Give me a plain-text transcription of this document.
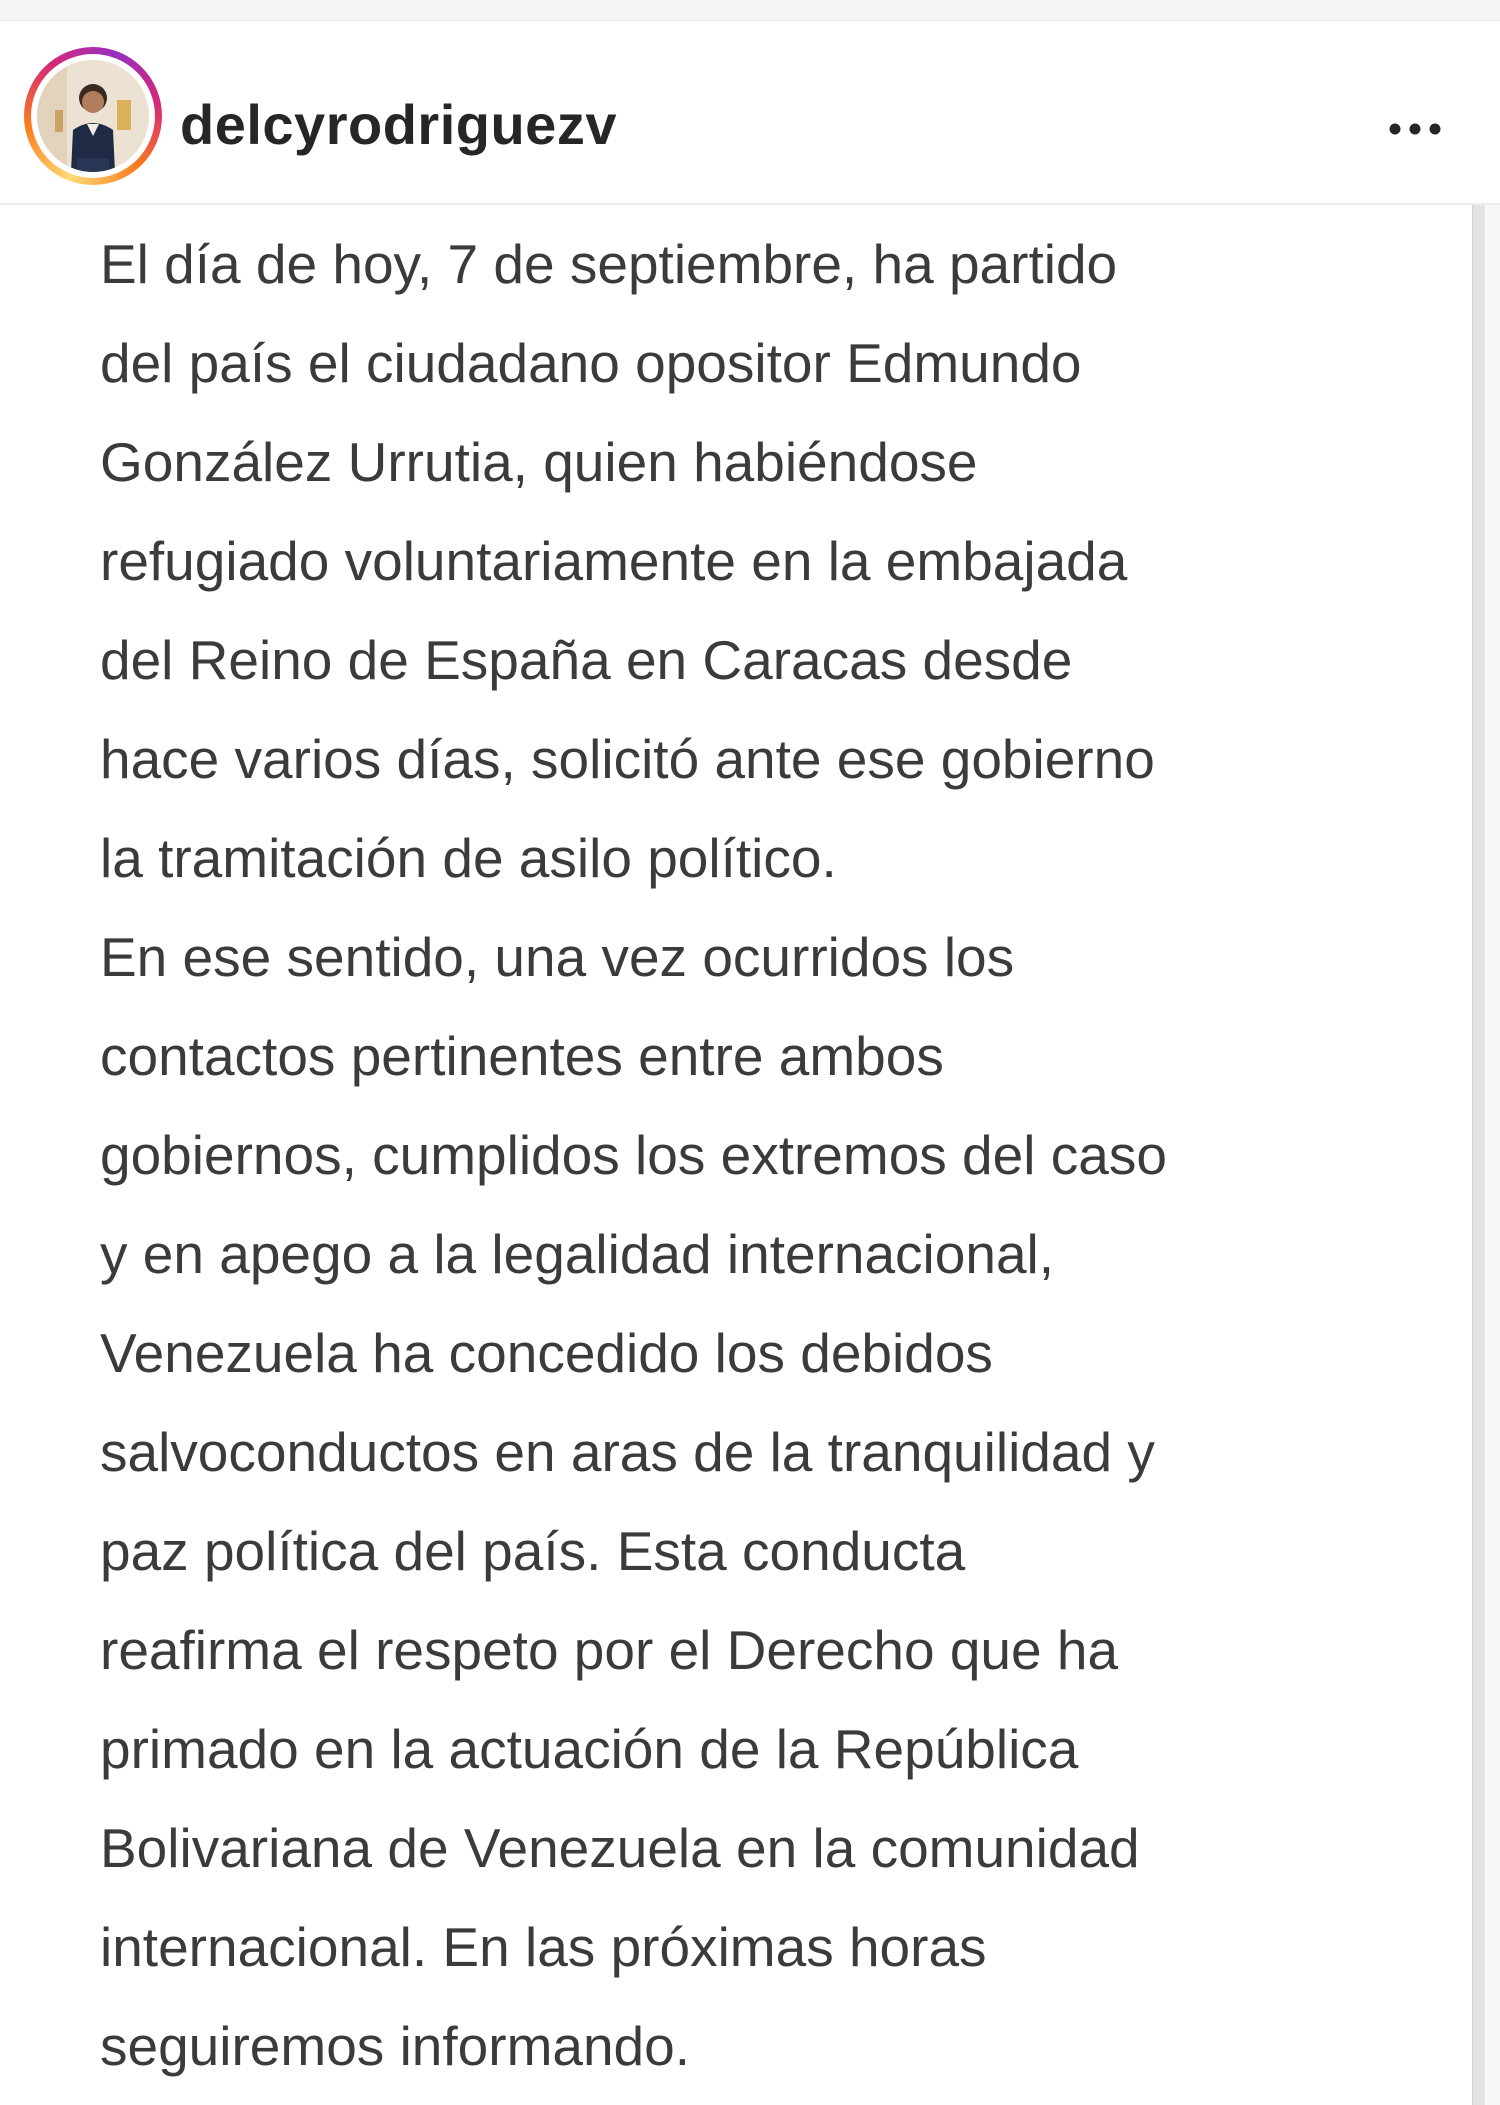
delcyrodriguezv

El día de hoy, 7 de septiembre, ha partido
del país el ciudadano opositor Edmundo
González Urrutia, quien habiéndose
refugiado voluntariamente en la embajada
del Reino de España en Caracas desde
hace varios días, solicitó ante ese gobierno
la tramitación de asilo político.
En ese sentido, una vez ocurridos los
contactos pertinentes entre ambos
gobiernos, cumplidos los extremos del caso
y en apego a la legalidad internacional,
Venezuela ha concedido los debidos
salvoconductos en aras de la tranquilidad y
paz política del país. Esta conducta
reafirma el respeto por el Derecho que ha
primado en la actuación de la República
Bolivariana de Venezuela en la comunidad
internacional. En las próximas horas
seguiremos informando.
